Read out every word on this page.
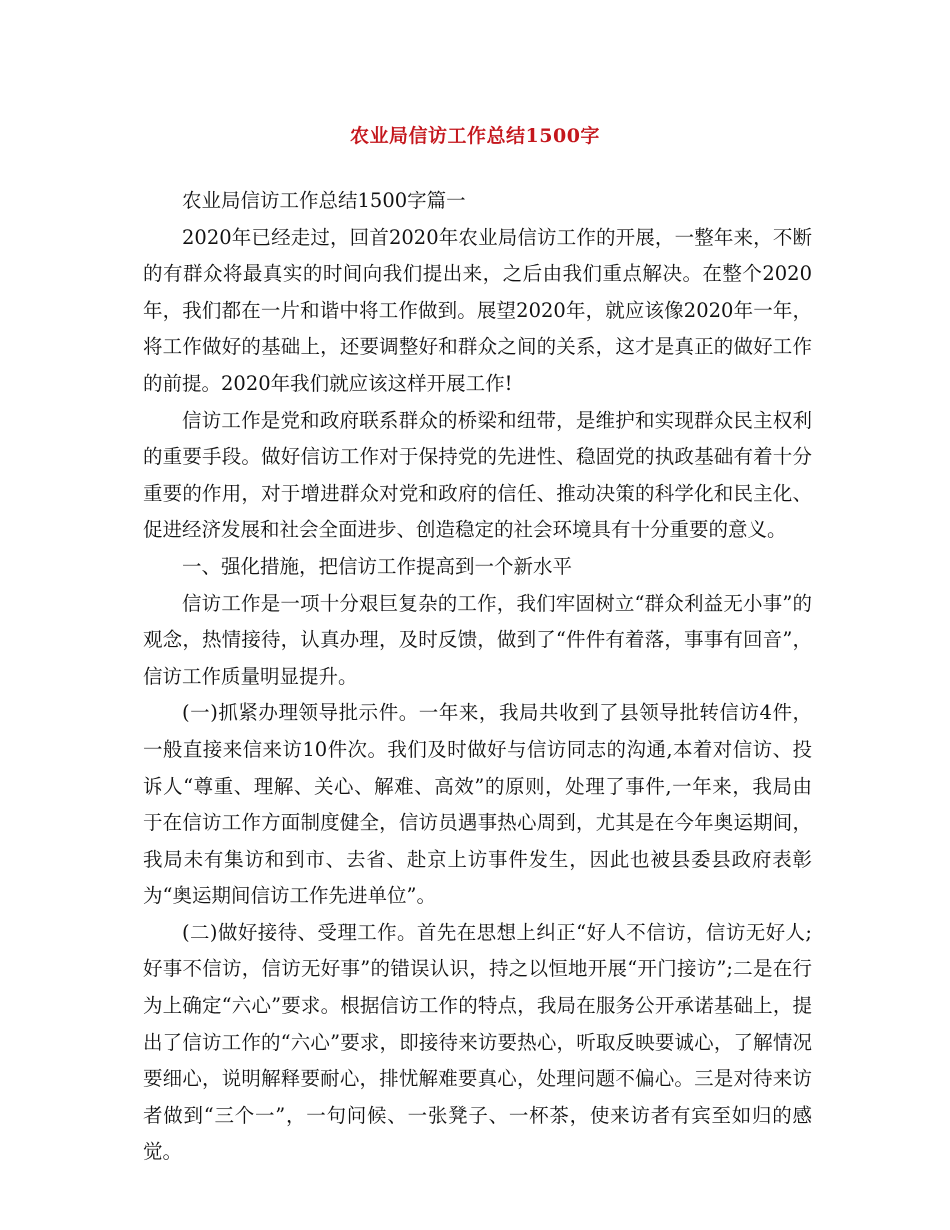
农业局信访工作总结1500字

农业局信访工作总结1500字篇一

2020年已经走过，回首2020年农业局信访工作的开展，一整年来，不断的有群众将最真实的时间向我们提出来，之后由我们重点解决。在整个2020年，我们都在一片和谐中将工作做到。展望2020年，就应该像2020年一年，将工作做好的基础上，还要调整好和群众之间的关系，这才是真正的做好工作的前提。2020年我们就应该这样开展工作!

信访工作是党和政府联系群众的桥梁和纽带，是维护和实现群众民主权利的重要手段。做好信访工作对于保持党的先进性、稳固党的执政基础有着十分重要的作用，对于增进群众对党和政府的信任、推动决策的科学化和民主化、促进经济发展和社会全面进步、创造稳定的社会环境具有十分重要的意义。

一、强化措施，把信访工作提高到一个新水平

信访工作是一项十分艰巨复杂的工作，我们牢固树立“群众利益无小事”的观念，热情接待，认真办理，及时反馈，做到了“件件有着落，事事有回音”，信访工作质量明显提升。

(一)抓紧办理领导批示件。一年来，我局共收到了县领导批转信访4件，一般直接来信来访10件次。我们及时做好与信访同志的沟通,本着对信访、投诉人“尊重、理解、关心、解难、高效”的原则，处理了事件,一年来，我局由于在信访工作方面制度健全，信访员遇事热心周到，尤其是在今年奥运期间，我局未有集访和到市、去省、赴京上访事件发生，因此也被县委县政府表彰为“奥运期间信访工作先进单位”。

(二)做好接待、受理工作。首先在思想上纠正“好人不信访，信访无好人;好事不信访，信访无好事”的错误认识，持之以恒地开展“开门接访”;二是在行为上确定“六心”要求。根据信访工作的特点，我局在服务公开承诺基础上，提出了信访工作的“六心”要求，即接待来访要热心，听取反映要诚心，了解情况要细心，说明解释要耐心，排忧解难要真心，处理问题不偏心。三是对待来访者做到“三个一”，一句问候、一张凳子、一杯茶，使来访者有宾至如归的感觉。
